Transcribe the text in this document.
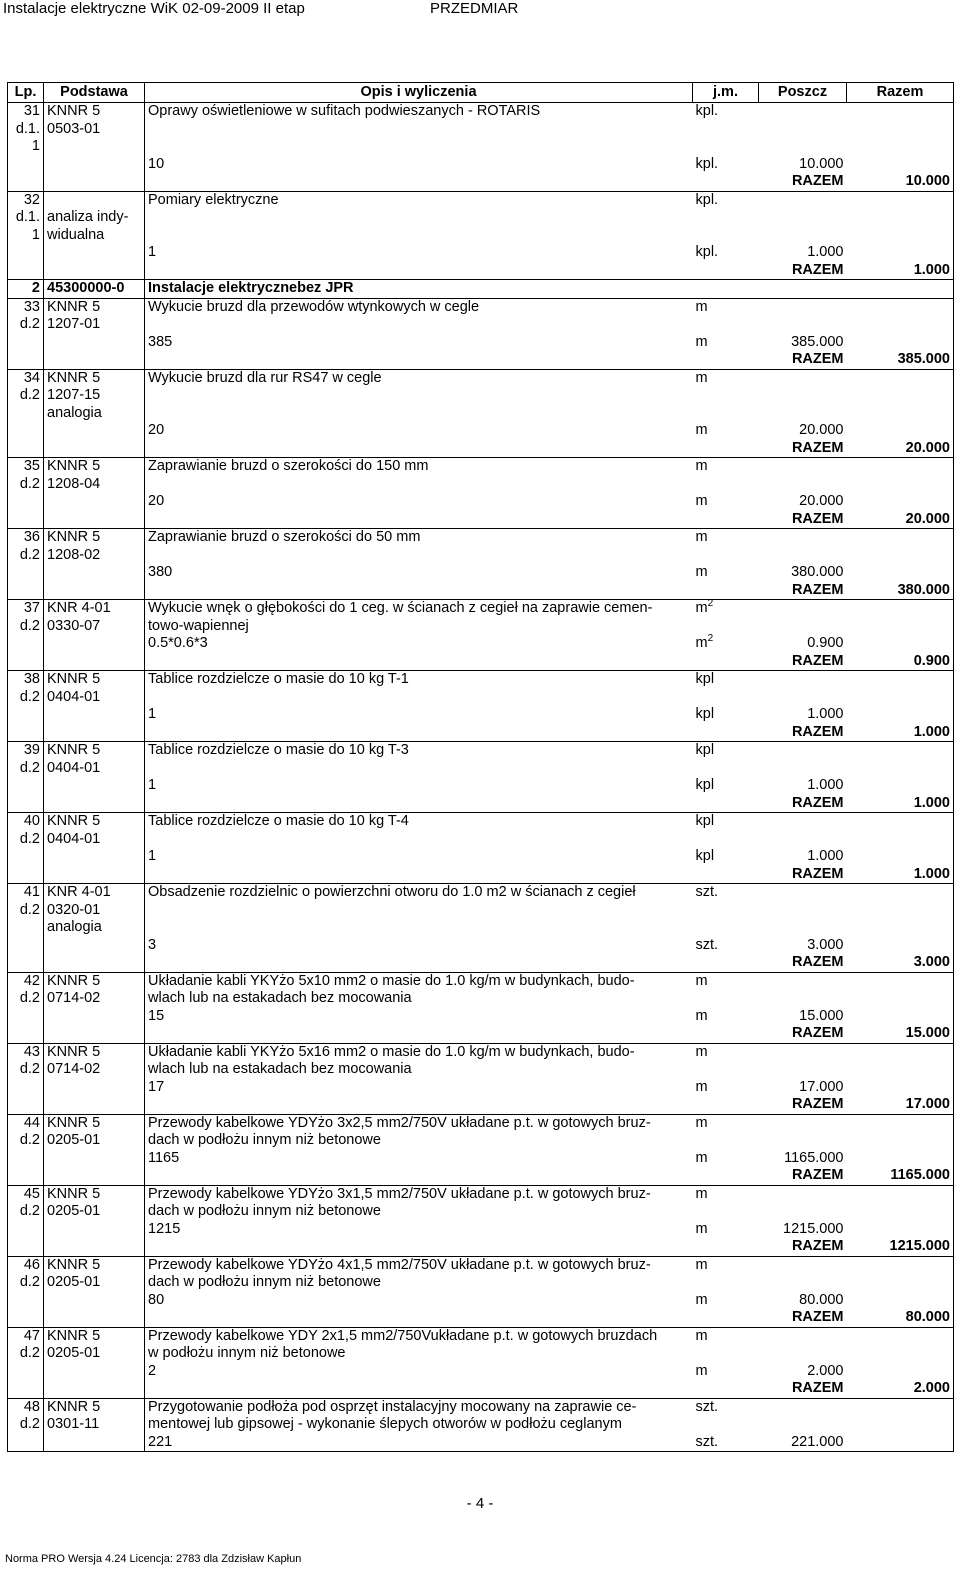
Instalacje elektryczne WiK 02-09-2009 II etap	PRZEDMIAR
Lp.	Podstawa	Opis i wyliczenia	j.m.	Poszcz	Razem
31	KNNR 5	Oprawy oświetleniowe w sufitach podwieszanych - ROTARIS	kpl.		
d.1.	0503-01				
1					
		10	kpl.	10.000	
				RAZEM	10.000
32		Pomiary elektryczne	kpl.		
d.1.	analiza indy-				
1	widualna				
		1	kpl.	1.000	
				RAZEM	1.000
2	45300000-0	Instalacje elektrycznebez JPR			
33	KNNR 5	Wykucie bruzd dla przewodów wtynkowych w cegle	m		
d.2	1207-01				
		385	m	385.000	
				RAZEM	385.000
34	KNNR 5	Wykucie bruzd dla rur RS47 w cegle	m		
d.2	1207-15				
	analogia				
		20	m	20.000	
				RAZEM	20.000
35	KNNR 5	Zaprawianie bruzd o szerokości do 150 mm	m		
d.2	1208-04				
		20	m	20.000	
				RAZEM	20.000
36	KNNR 5	Zaprawianie bruzd o szerokości do 50 mm	m		
d.2	1208-02				
		380	m	380.000	
				RAZEM	380.000
37	KNR 4-01	Wykucie wnęk o głębokości do 1 ceg. w ścianach z cegieł na zaprawie cemen-	$m^2$		
d.2	0330-07	towo-wapiennej			
		0.5*0.6*3	$m^2$	0.900	
				RAZEM	0.900
38	KNNR 5	Tablice rozdzielcze o masie do 10 kg T-1	kpl		
d.2	0404-01				
		1	kpl	1.000	
				RAZEM	1.000
39	KNNR 5	Tablice rozdzielcze o masie do 10 kg T-3	kpl		
d.2	0404-01				
		1	kpl	1.000	
				RAZEM	1.000
40	KNNR 5	Tablice rozdzielcze o masie do 10 kg T-4	kpl		
d.2	0404-01				
		1	kpl	1.000	
				RAZEM	1.000
41	KNR 4-01	Obsadzenie rozdzielnic o powierzchni otworu do 1.0 m2 w ścianach z cegieł	szt.		
d.2	0320-01				
	analogia				
		3	szt.	3.000	
				RAZEM	3.000
42	KNNR 5	Układanie kabli YKYżo 5x10 mm2 o masie do 1.0 kg/m w budynkach, budo-	m		
d.2	0714-02	wlach lub na estakadach bez mocowania			
		15	m	15.000	
				RAZEM	15.000
43	KNNR 5	Układanie kabli YKYżo 5x16 mm2 o masie do 1.0 kg/m w budynkach, budo-	m		
d.2	0714-02	wlach lub na estakadach bez mocowania			
		17	m	17.000	
				RAZEM	17.000
44	KNNR 5	Przewody kabelkowe YDYżo 3x2,5 mm2/750V układane p.t. w gotowych bruz-	m		
d.2	0205-01	dach w podłożu innym niż betonowe			
		1165	m	1165.000	
				RAZEM	1165.000
45	KNNR 5	Przewody kabelkowe YDYżo 3x1,5 mm2/750V układane p.t. w gotowych bruz-	m		
d.2	0205-01	dach w podłożu innym niż betonowe			
		1215	m	1215.000	
				RAZEM	1215.000
46	KNNR 5	Przewody kabelkowe YDYżo 4x1,5 mm2/750V układane p.t. w gotowych bruz-	m		
d.2	0205-01	dach w podłożu innym niż betonowe			
		80	m	80.000	
				RAZEM	80.000
47	KNNR 5	Przewody kabelkowe YDY 2x1,5 mm2/750Vukładane p.t. w gotowych bruzdach	m		
d.2	0205-01	w podłożu innym niż betonowe			
		2	m	2.000	
				RAZEM	2.000
48	KNNR 5	Przygotowanie podłoża pod osprzęt instalacyjny mocowany na zaprawie ce-	szt.		
d.2	0301-11	mentowej lub gipsowej - wykonanie ślepych otworów w podłożu ceglanym			
		221	szt.	221.000	
- 4 -
Norma PRO Wersja 4.24 Licencja: 2783 dla Zdzisław Kapłun
